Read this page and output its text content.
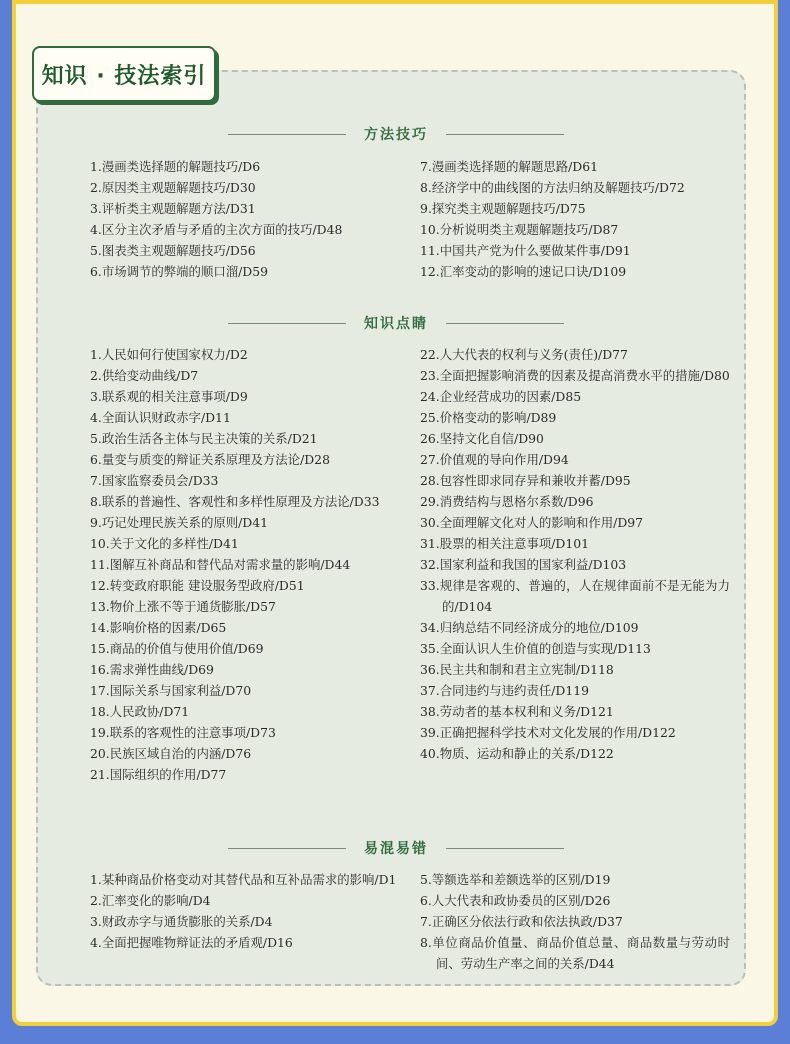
知识 · 技法索引
方法技巧
1.漫画类选择题的解题技巧/D6
2.原因类主观题解题技巧/D30
3.评析类主观题解题方法/D31
4.区分主次矛盾与矛盾的主次方面的技巧/D48
5.图表类主观题解题技巧/D56
6.市场调节的弊端的顺口溜/D59
7.漫画类选择题的解题思路/D61
8.经济学中的曲线图的方法归纳及解题技巧/D72
9.探究类主观题解题技巧/D75
10.分析说明类主观题解题技巧/D87
11.中国共产党为什么要做某件事/D91
12.汇率变动的影响的速记口诀/D109
知识点睛
1.人民如何行使国家权力/D2
2.供给变动曲线/D7
3.联系观的相关注意事项/D9
4.全面认识财政赤字/D11
5.政治生活各主体与民主决策的关系/D21
6.量变与质变的辩证关系原理及方法论/D28
7.国家监察委员会/D33
8.联系的普遍性、客观性和多样性原理及方法论/D33
9.巧记处理民族关系的原则/D41
10.关于文化的多样性/D41
11.图解互补商品和替代品对需求量的影响/D44
12.转变政府职能 建设服务型政府/D51
13.物价上涨不等于通货膨胀/D57
14.影响价格的因素/D65
15.商品的价值与使用价值/D69
16.需求弹性曲线/D69
17.国际关系与国家利益/D70
18.人民政协/D71
19.联系的客观性的注意事项/D73
20.民族区域自治的内涵/D76
21.国际组织的作用/D77
22.人大代表的权利与义务(责任)/D77
23.全面把握影响消费的因素及提高消费水平的措施/D80
24.企业经营成功的因素/D85
25.价格变动的影响/D89
26.坚持文化自信/D90
27.价值观的导向作用/D94
28.包容性即求同存异和兼收并蓄/D95
29.消费结构与恩格尔系数/D96
30.全面理解文化对人的影响和作用/D97
31.股票的相关注意事项/D101
32.国家利益和我国的国家利益/D103
33.规律是客观的、普遍的，人在规律面前不是无能为力的/D104
34.归纳总结不同经济成分的地位/D109
35.全面认识人生价值的创造与实现/D113
36.民主共和制和君主立宪制/D118
37.合同违约与违约责任/D119
38.劳动者的基本权利和义务/D121
39.正确把握科学技术对文化发展的作用/D122
40.物质、运动和静止的关系/D122
易混易错
1.某种商品价格变动对其替代品和互补品需求的影响/D1
2.汇率变化的影响/D4
3.财政赤字与通货膨胀的关系/D4
4.全面把握唯物辩证法的矛盾观/D16
5.等额选举和差额选举的区别/D19
6.人大代表和政协委员的区别/D26
7.正确区分依法行政和依法执政/D37
8.单位商品价值量、商品价值总量、商品数量与劳动时间、劳动生产率之间的关系/D44
